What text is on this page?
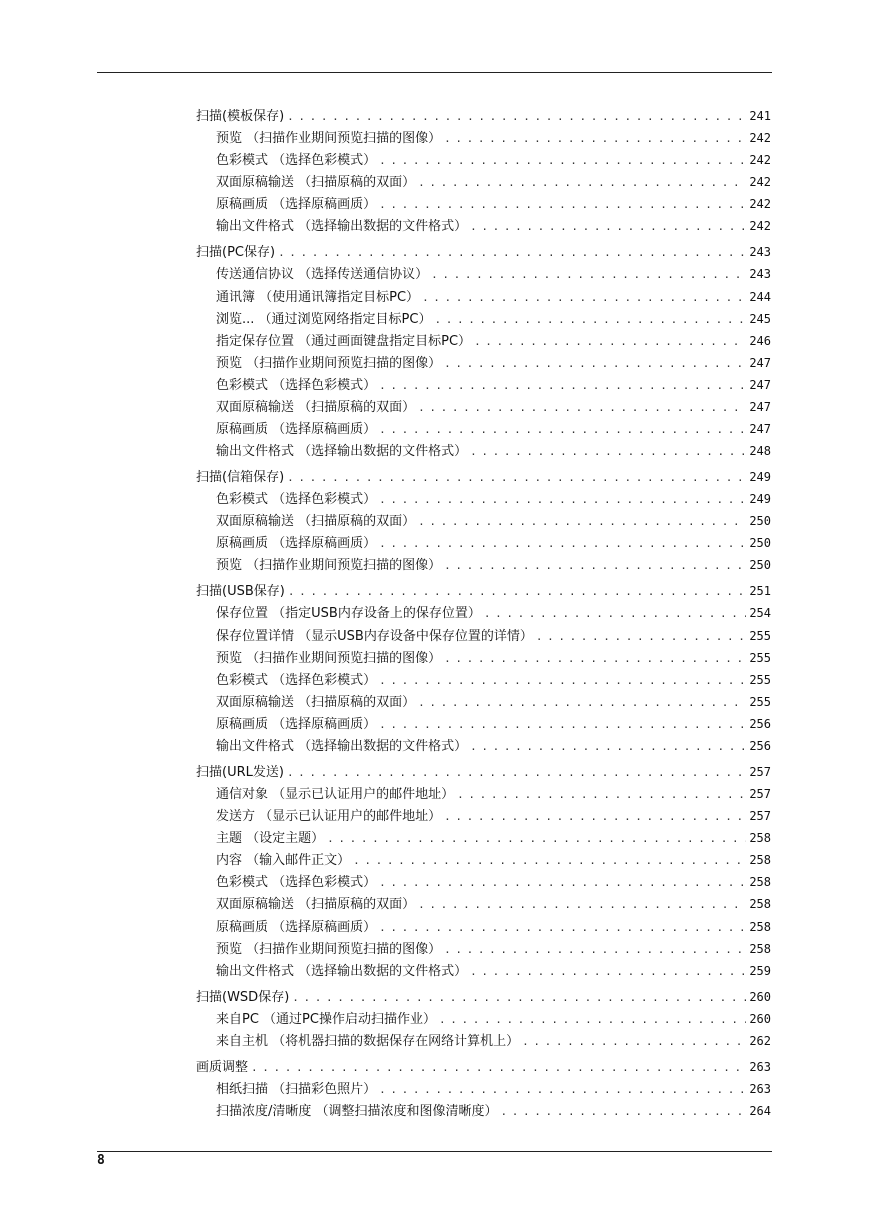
扫描(模板保存) . . .	241
预览 （扫描作业期间预览扫描的图像） . . .	242
色彩模式 （选择色彩模式） . . .	242
双面原稿输送 （扫描原稿的双面） . . .	242
原稿画质 （选择原稿画质） . . .	242
输出文件格式 （选择输出数据的文件格式） . . .	242
扫描(PC保存) . . .	243
传送通信协议 （选择传送通信协议） . . .	243
通讯簿 （使用通讯簿指定目标PC） . . .	244
浏览... （通过浏览网络指定目标PC） . . .	245
指定保存位置 （通过画面键盘指定目标PC） . . .	246
预览 （扫描作业期间预览扫描的图像） . . .	247
色彩模式 （选择色彩模式） . . .	247
双面原稿输送 （扫描原稿的双面） . . .	247
原稿画质 （选择原稿画质） . . .	247
输出文件格式 （选择输出数据的文件格式） . . .	248
扫描(信箱保存) . . .	249
色彩模式 （选择色彩模式） . . .	249
双面原稿输送 （扫描原稿的双面） . . .	250
原稿画质 （选择原稿画质） . . .	250
预览 （扫描作业期间预览扫描的图像） . . .	250
扫描(USB保存) . . .	251
保存位置 （指定USB内存设备上的保存位置） . . .	254
保存位置详情 （显示USB内存设备中保存位置的详情） . . .	255
预览 （扫描作业期间预览扫描的图像） . . .	255
色彩模式 （选择色彩模式） . . .	255
双面原稿输送 （扫描原稿的双面） . . .	255
原稿画质 （选择原稿画质） . . .	256
输出文件格式 （选择输出数据的文件格式） . . .	256
扫描(URL发送) . . .	257
通信对象 （显示已认证用户的邮件地址） . . .	257
发送方 （显示已认证用户的邮件地址） . . .	257
主题 （设定主题） . . .	258
内容 （输入邮件正文） . . .	258
色彩模式 （选择色彩模式） . . .	258
双面原稿输送 （扫描原稿的双面） . . .	258
原稿画质 （选择原稿画质） . . .	258
预览 （扫描作业期间预览扫描的图像） . . .	258
输出文件格式 （选择输出数据的文件格式） . . .	259
扫描(WSD保存) . . .	260
来自PC （通过PC操作启动扫描作业） . . .	260
来自主机 （将机器扫描的数据保存在网络计算机上） . . .	262
画质调整 . . .	263
相纸扫描 （扫描彩色照片） . . .	263
扫描浓度/清晰度 （调整扫描浓度和图像清晰度） . . .	264
8
